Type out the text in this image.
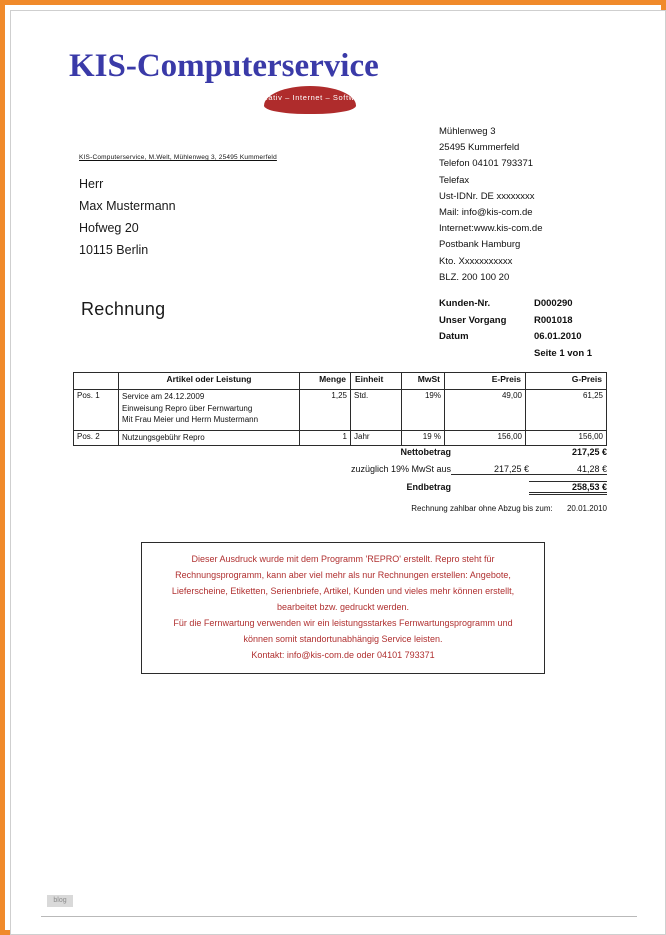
KIS-Computerservice
Kreativ – Internet – Softwareentwicklung
KIS-Computerservice, M.Welt, Mühlenweg 3, 25495 Kummerfeld
Herr
Max Mustermann
Hofweg 20
10115 Berlin
Mühlenweg 3
25495 Kummerfeld
Telefon 04101 793371
Telefax
Ust-IDNr. DE xxxxxxxx
Mail: info@kis-com.de
Internet:www.kis-com.de
Postbank Hamburg
Kto. Xxxxxxxxxxx
BLZ. 200 100 20
Rechnung	Kunden-Nr.	D000290
Unser Vorgang	R001018
Datum	06.01.2010
Seite 1 von 1
	Artikel oder Leistung	Menge	Einheit	MwSt	E-Preis	G-Preis
Pos. 1	Service am 24.12.2009
Einweisung Repro über Fernwartung
Mit Frau Meier und Herrn Mustermann	1,25	Std.	19%	49,00	61,25
Pos. 2	Nutzungsgebühr Repro	1	Jahr	19 %	156,00	156,00
Nettobetrag	217,25 €
zuzüglich 19% MwSt aus	217,25 €	41,28 €
Endbetrag	258,53 €
Rechnung zahlbar ohne Abzug bis zum: 20.01.2010
Dieser Ausdruck wurde mit dem Programm 'REPRO' erstellt. Repro steht für
Rechnungsprogramm, kann aber viel mehr als nur Rechnungen erstellen: Angebote,
Lieferscheine, Etiketten, Serienbriefe, Artikel, Kunden und vieles mehr können erstellt,
bearbeitet bzw. gedruckt werden.
Für die Fernwartung verwenden wir ein leistungsstarkes Fernwartungsprogramm und
können somit standortunabhängig Service leisten.
Kontakt: info@kis-com.de oder 04101 793371
blog
